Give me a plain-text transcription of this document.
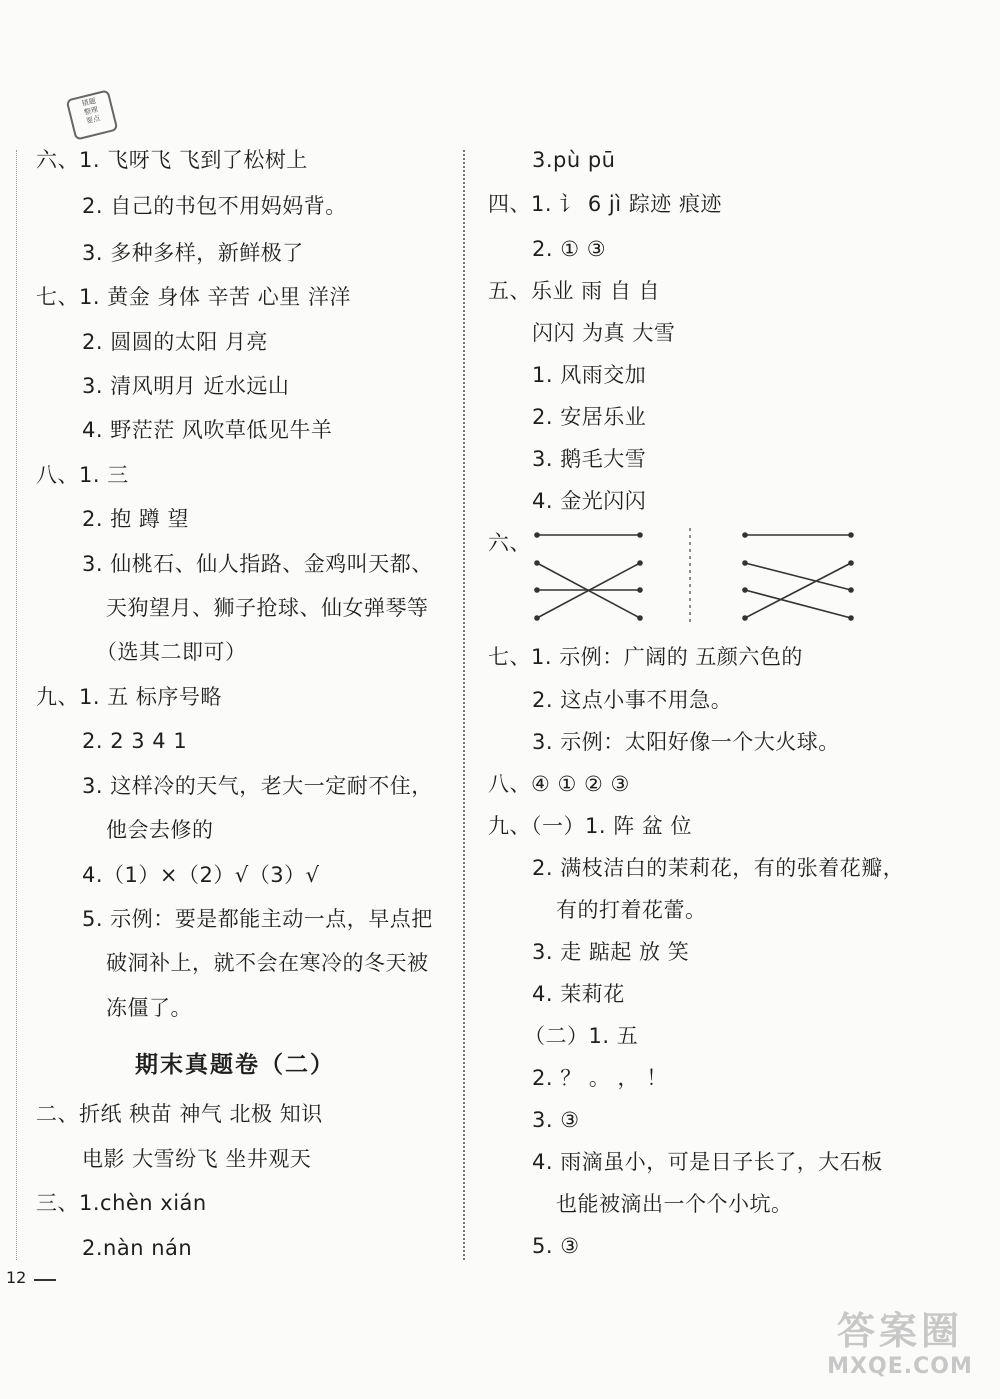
错题
整理
要点
六、1. 飞呀飞 飞到了松树上
2. 自己的书包不用妈妈背。
3. 多种多样，新鲜极了
七、1. 黄金 身体 辛苦 心里 洋洋
2. 圆圆的太阳 月亮
3. 清风明月 近水远山
4. 野茫茫 风吹草低见牛羊
八、1. 三
2. 抱 蹲 望
3. 仙桃石、仙人指路、金鸡叫天都、
天狗望月、狮子抢球、仙女弹琴等
（选其二即可）
九、1. 五 标序号略
2. 2 3 4 1
3. 这样冷的天气，老大一定耐不住，
他会去修的
4.（1）×（2）√（3）√
5. 示例：要是都能主动一点，早点把
破洞补上，就不会在寒冷的冬天被
冻僵了。
二、折纸 秧苗 神气 北极 知识
电影 大雪纷飞 坐井观天
三、1.chèn xián
2.nàn nán
期末真题卷（二）
3.pù pū
四、1. 讠 6 jì 踪迹 痕迹
2. ① ③
五、乐业 雨 自 自
闪闪 为真 大雪
1. 风雨交加
2. 安居乐业
3. 鹅毛大雪
4. 金光闪闪
六、
七、1. 示例：广阔的 五颜六色的
2. 这点小事不用急。
3. 示例：太阳好像一个大火球。
八、④ ① ② ③
九、（一）1. 阵 盆 位
2. 满枝洁白的茉莉花，有的张着花瓣，
有的打着花蕾。
3. 走 踮起 放 笑
4. 茉莉花
（二）1. 五
2. ？ 。 ， ！
3. ③
4. 雨滴虽小，可是日子长了，大石板
也能被滴出一个个小坑。
5. ③
12
答案圈
MXQE.COM
